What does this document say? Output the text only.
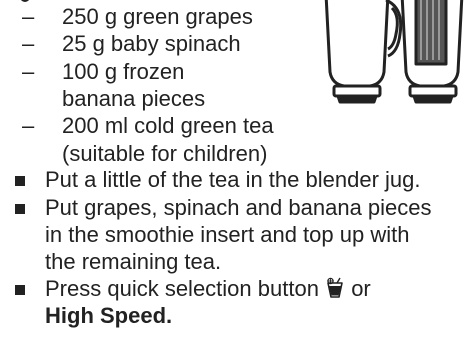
– 250 g green grapes
– 25 g baby spinach
– 100 g frozen
banana pieces
– 200 ml cold green tea
(suitable for children)
Put a little of the tea in the blender jug.
Put grapes, spinach and banana pieces
in the smoothie insert and top up with
the remaining tea.
Press quick selection button or
High Speed.
